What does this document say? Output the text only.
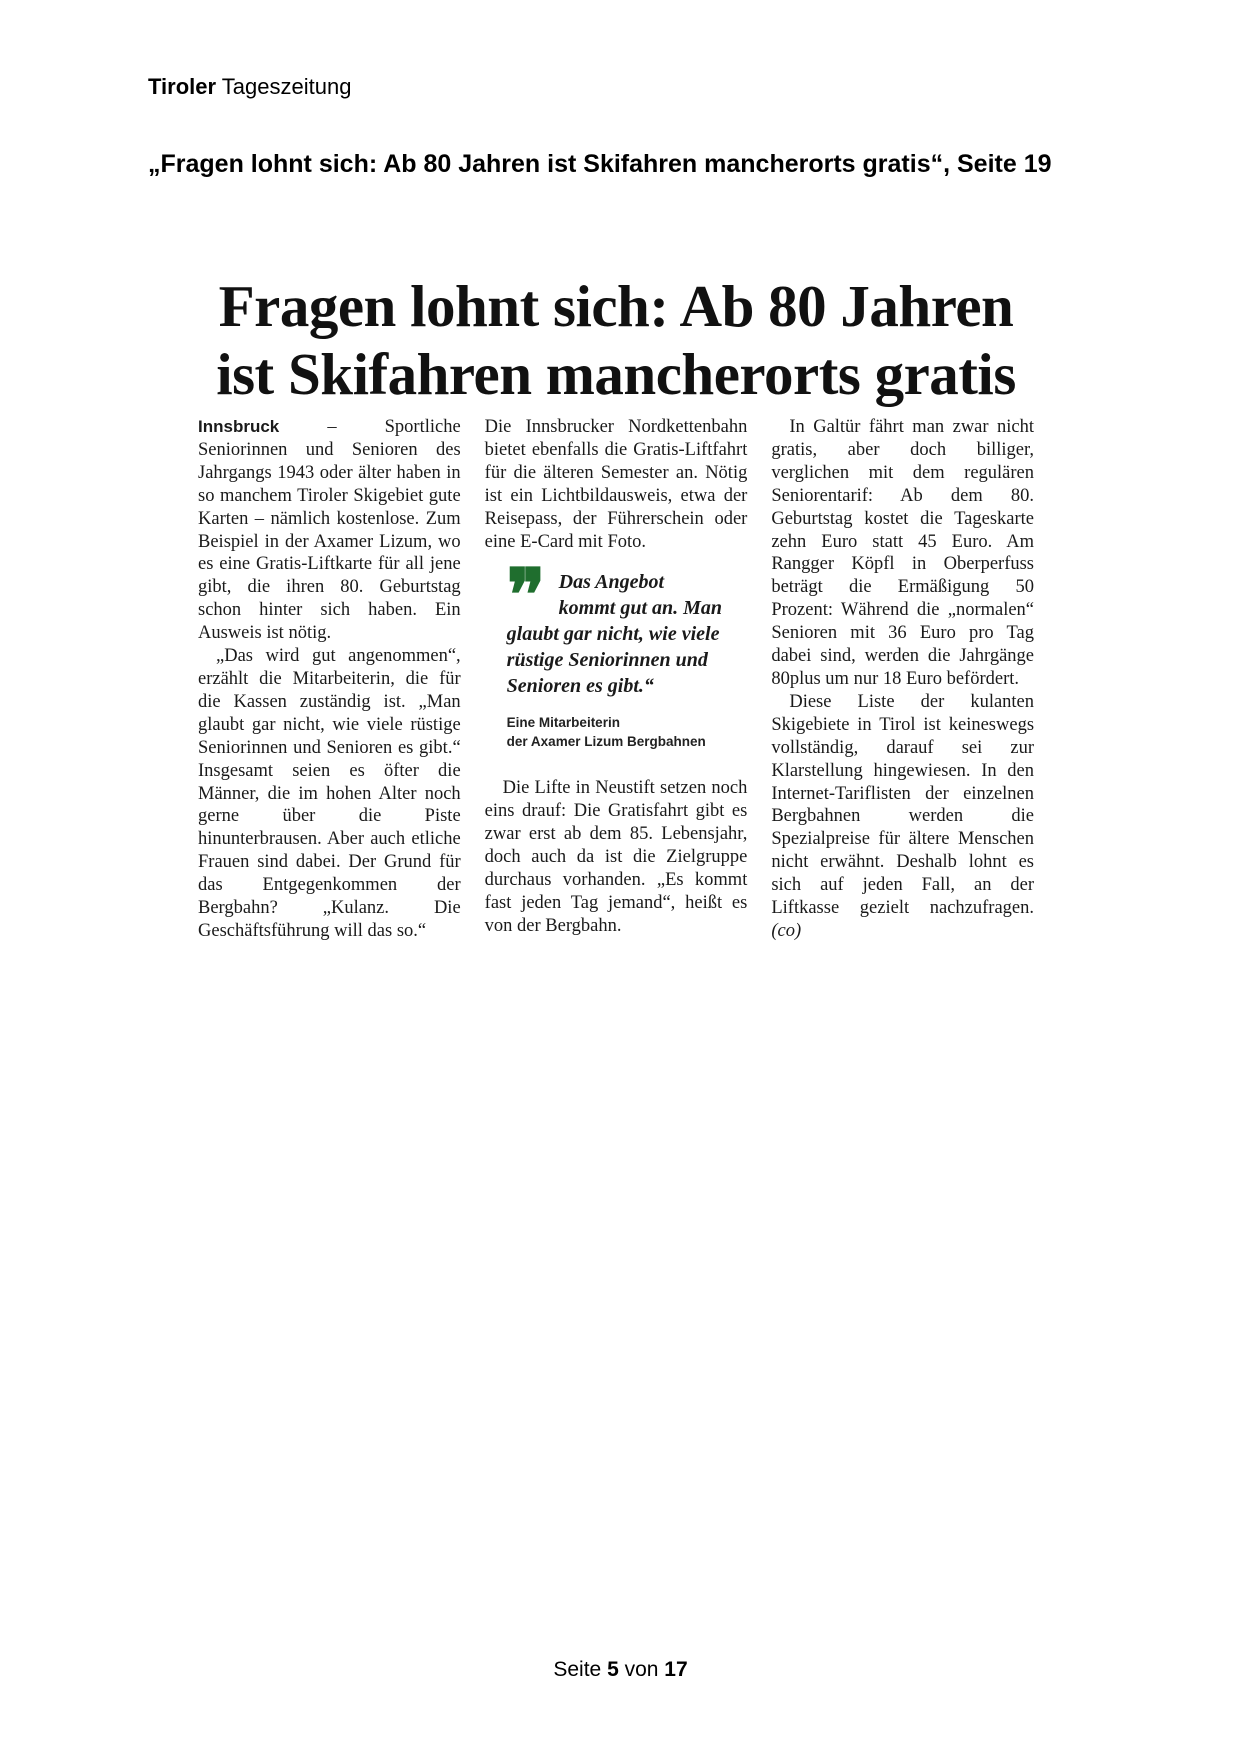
Tiroler Tageszeitung
„Fragen lohnt sich: Ab 80 Jahren ist Skifahren mancherorts gratis“, Seite 19
Fragen lohnt sich: Ab 80 Jahren
ist Skifahren mancherorts gratis

Innsbruck	– Sportliche Seniorinnen und Senioren des Jahrgangs 1943 oder älter haben in so manchem Tiroler Skigebiet gute Karten – nämlich kostenlose. Zum Beispiel in der Axamer Lizum, wo es eine Gratis-Liftkarte für all jene gibt, die ihren 80. Geburtstag schon hinter sich haben. Ein Ausweis ist nötig.

„Das wird gut angenommen“, erzählt die Mitarbeiterin, die für die Kassen zuständig ist. „Man glaubt gar nicht, wie viele rüstige Seniorinnen und Senioren es gibt.“ Insgesamt seien es öfter die Männer, die im hohen Alter noch gerne über die Piste hinunterbrausen. Aber auch etliche Frauen sind dabei. Der Grund für das Entgegenkommen der Bergbahn? „Kulanz. Die Geschäftsführung will das so.“

Die Innsbrucker Nordkettenbahn bietet ebenfalls die Gratis-Liftfahrt für die älteren Semester an. Nötig ist ein Lichtbildausweis, etwa der Reisepass, der Führerschein oder eine E-Card mit Foto.

❞ Das Angebot
kommt gut an. Man
glaubt gar nicht, wie viele rüstige Seniorinnen und Senioren es gibt.“
Eine Mitarbeiterin
der Axamer Lizum Bergbahnen

Die Lifte in Neustift setzen noch eins drauf: Die Gratisfahrt gibt es zwar erst ab dem 85. Lebensjahr, doch auch da ist die Zielgruppe durchaus vorhanden. „Es kommt fast jeden Tag jemand“, heißt es von der Bergbahn.

In Galtür fährt man zwar nicht gratis, aber doch billiger, verglichen mit dem regulären Seniorentarif: Ab dem 80. Geburtstag kostet die Tageskarte zehn Euro statt 45 Euro. Am Rangger Köpfl in Oberperfuss beträgt die Ermäßigung 50 Prozent: Während die „normalen“ Senioren mit 36 Euro pro Tag dabei sind, werden die Jahrgänge 80plus um nur 18 Euro befördert.

Diese Liste der kulanten Skigebiete in Tirol ist keineswegs vollständig, darauf sei zur Klarstellung hingewiesen. In den Internet-Tariflisten der einzelnen Bergbahnen werden die Spezialpreise für ältere Menschen nicht erwähnt. Deshalb lohnt es sich auf jeden Fall, an der Liftkasse gezielt nachzufragen. (co)

Seite 5 von 17
